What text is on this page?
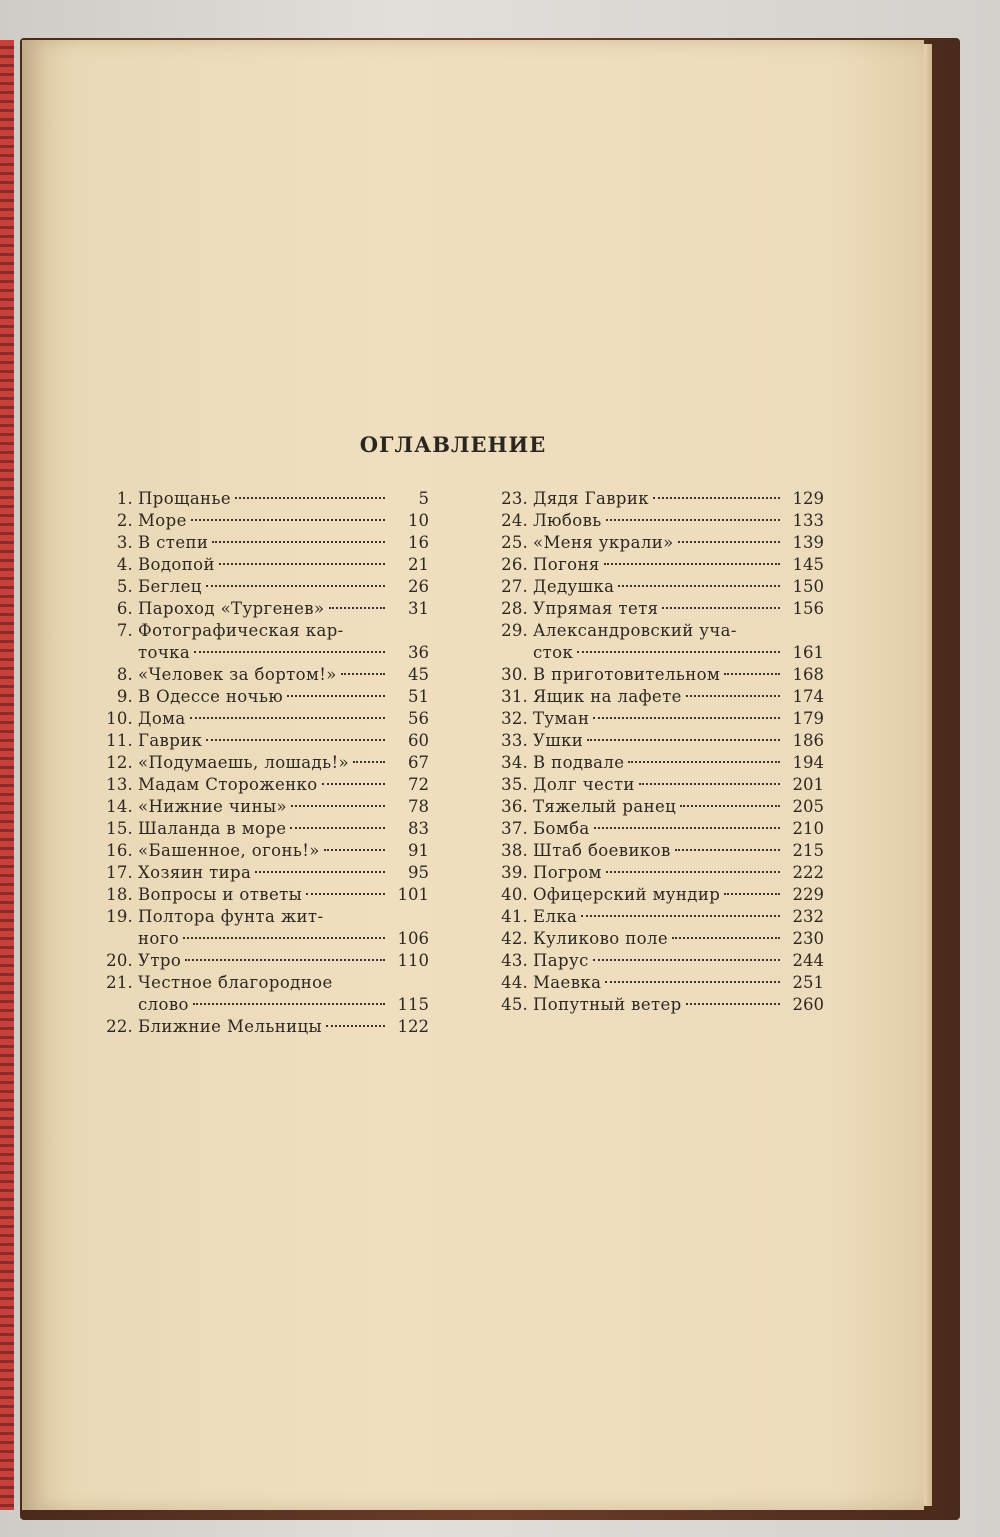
ОГЛАВЛЕНИЕ
1. Прощанье	5
2. Море	10
3. В степи	16
4. Водопой	21
5. Беглец	26
6. Пароход «Тургенев»	31
7. Фотографическая кар-
точка	36
8. «Человек за бортом!»	45
9. В Одессе ночью	51
10. Дома	56
11. Гаврик	60
12. «Подумаешь, лошадь!»	67
13. Мадам Стороженко	72
14. «Нижние чины»	78
15. Шаланда в море	83
16. «Башенное, огонь!»	91
17. Хозяин тира	95
18. Вопросы и ответы	101
19. Полтора фунта жит-
ного	106
20. Утро	110
21. Честное благородное
слово	115
22. Ближние Мельницы	122
23. Дядя Гаврик	129
24. Любовь	133
25. «Меня украли»	139
26. Погоня	145
27. Дедушка	150
28. Упрямая тетя	156
29. Александровский уча-
сток	161
30. В приготовительном	168
31. Ящик на лафете	174
32. Туман	179
33. Ушки	186
34. В подвале	194
35. Долг чести	201
36. Тяжелый ранец	205
37. Бомба	210
38. Штаб боевиков	215
39. Погром	222
40. Офицерский мундир	229
41. Елка	232
42. Куликово поле	230
43. Парус	244
44. Маевка	251
45. Попутный ветер	260
